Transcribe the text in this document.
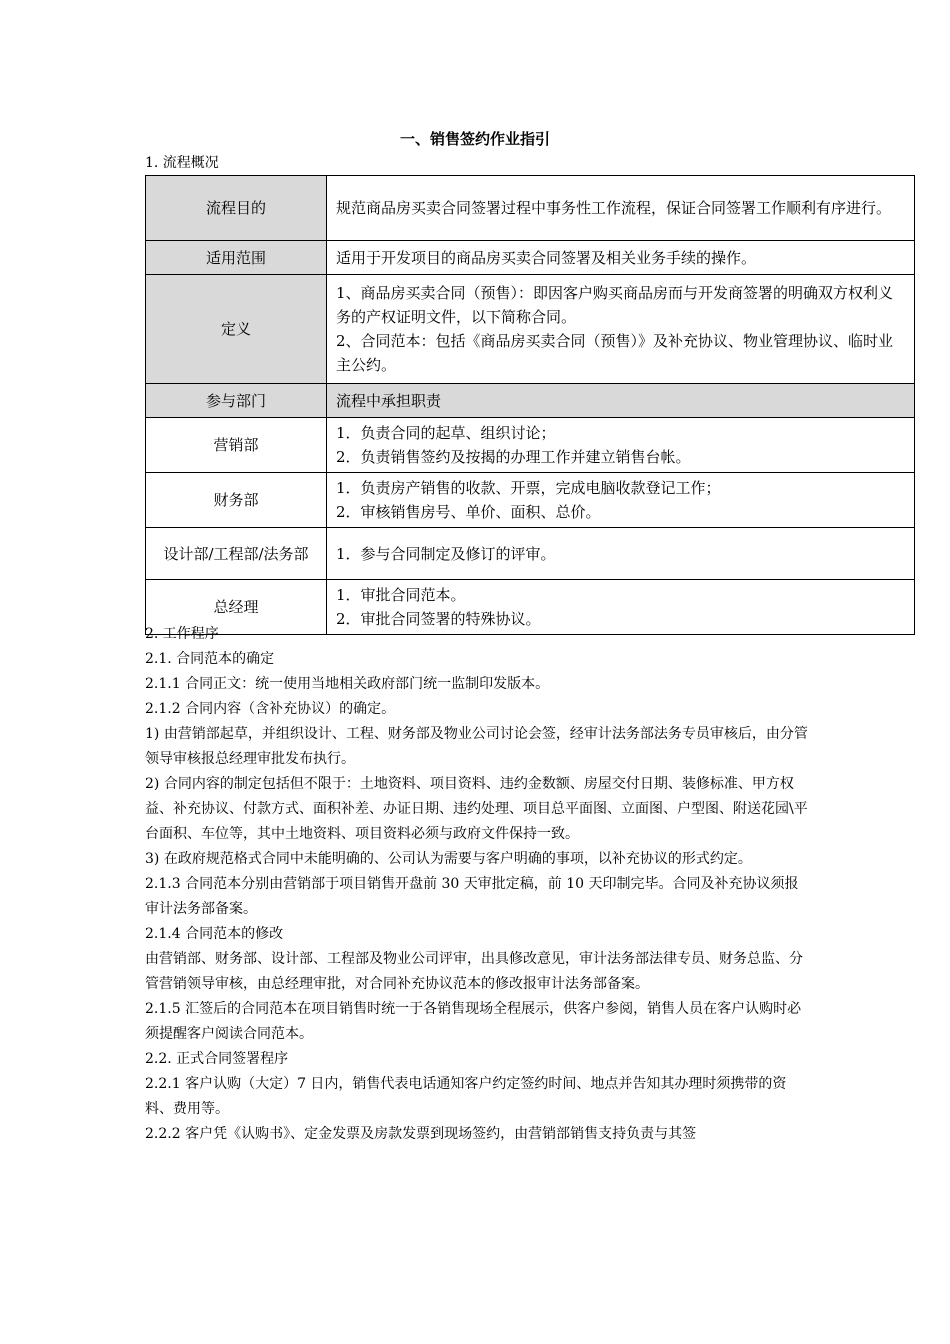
一、销售签约作业指引
1. 流程概况
流程目的	规范商品房买卖合同签署过程中事务性工作流程，保证合同签署工作顺利有序进行。

适用范围	适用于开发项目的商品房买卖合同签署及相关业务手续的操作。

定义	1、商品房买卖合同（预售）：即因客户购买商品房而与开发商签署的明确双方权利义务的产权证明文件，以下简称合同。
2、合同范本：包括《商品房买卖合同（预售）》及补充协议、物业管理协议、临时业主公约。

参与部门	流程中承担职责

营销部	1．负责合同的起草、组织讨论；
2．负责销售签约及按揭的办理工作并建立销售台帐。

财务部	1．负责房产销售的收款、开票，完成电脑收款登记工作；
2．审核销售房号、单价、面积、总价。

设计部/工程部/法务部	1．参与合同制定及修订的评审。

总经理	1．审批合同范本。
2．审批合同签署的特殊协议。

2. 工作程序

2.1. 合同范本的确定

2.1.1 合同正文：统一使用当地相关政府部门统一监制印发版本。

2.1.2 合同内容（含补充协议）的确定。

1) 由营销部起草，并组织设计、工程、财务部及物业公司讨论会签，经审计法务部法务专员审核后，由分管领导审核报总经理审批发布执行。

2) 合同内容的制定包括但不限于：土地资料、项目资料、违约金数额、房屋交付日期、装修标准、甲方权益、补充协议、付款方式、面积补差、办证日期、违约处理、项目总平面图、立面图、户型图、附送花园\平台面积、车位等，其中土地资料、项目资料必须与政府文件保持一致。

3) 在政府规范格式合同中未能明确的、公司认为需要与客户明确的事项，以补充协议的形式约定。

2.1.3 合同范本分别由营销部于项目销售开盘前 30 天审批定稿，前 10 天印制完毕。合同及补充协议须报审计法务部备案。

2.1.4 合同范本的修改

由营销部、财务部、设计部、工程部及物业公司评审，出具修改意见，审计法务部法律专员、财务总监、分管营销领导审核，由总经理审批，对合同补充协议范本的修改报审计法务部备案。

2.1.5 汇签后的合同范本在项目销售时统一于各销售现场全程展示，供客户参阅，销售人员在客户认购时必须提醒客户阅读合同范本。

2.2. 正式合同签署程序

2.2.1 客户认购（大定）7 日内，销售代表电话通知客户约定签约时间、地点并告知其办理时须携带的资料、费用等。

2.2.2 客户凭《认购书》、定金发票及房款发票到现场签约，由营销部销售支持负责与其签
